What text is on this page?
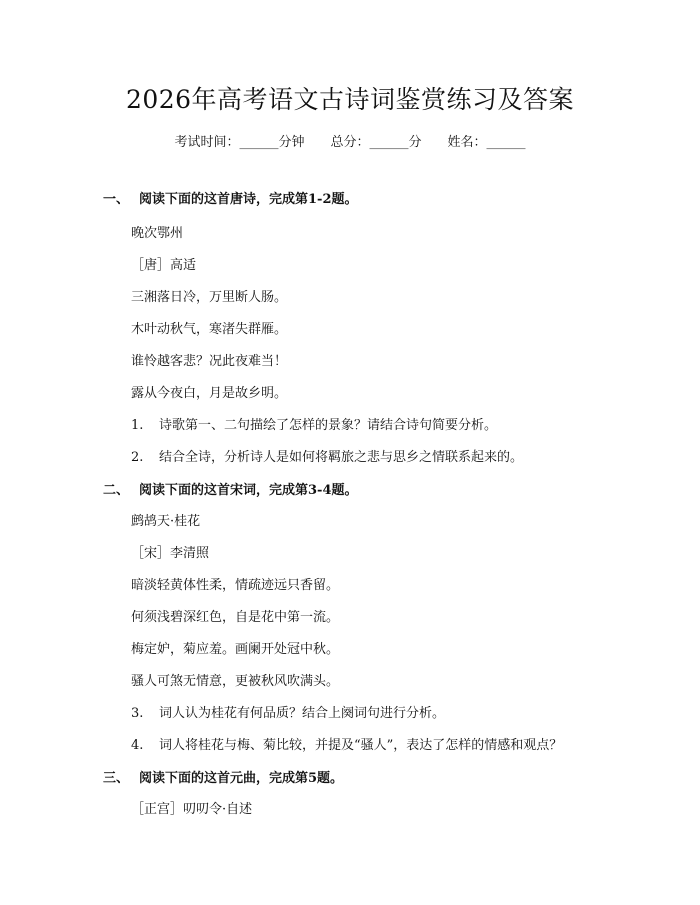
2026年高考语文古诗词鉴赏练习及答案
考试时间：______分钟 总分：______分 姓名：______
一、 阅读下面的这首唐诗，完成第1-2题。
晚次鄂州
［唐］高适
三湘落日冷，万里断人肠。
木叶动秋气，寒渚失群雁。
谁怜越客悲？况此夜难当！
露从今夜白，月是故乡明。
1. 诗歌第一、二句描绘了怎样的景象？请结合诗句简要分析。
2. 结合全诗，分析诗人是如何将羁旅之悲与思乡之情联系起来的。
二、 阅读下面的这首宋词，完成第3-4题。
鹧鸪天·桂花
［宋］李清照
暗淡轻黄体性柔，情疏迹远只香留。
何须浅碧深红色，自是花中第一流。
梅定妒，菊应羞。画阑开处冠中秋。
骚人可煞无情意，更被秋风吹满头。
3. 词人认为桂花有何品质？结合上阕词句进行分析。
4. 词人将桂花与梅、菊比较，并提及“骚人”，表达了怎样的情感和观点？
三、 阅读下面的这首元曲，完成第5题。
［正宫］叨叨令·自述
